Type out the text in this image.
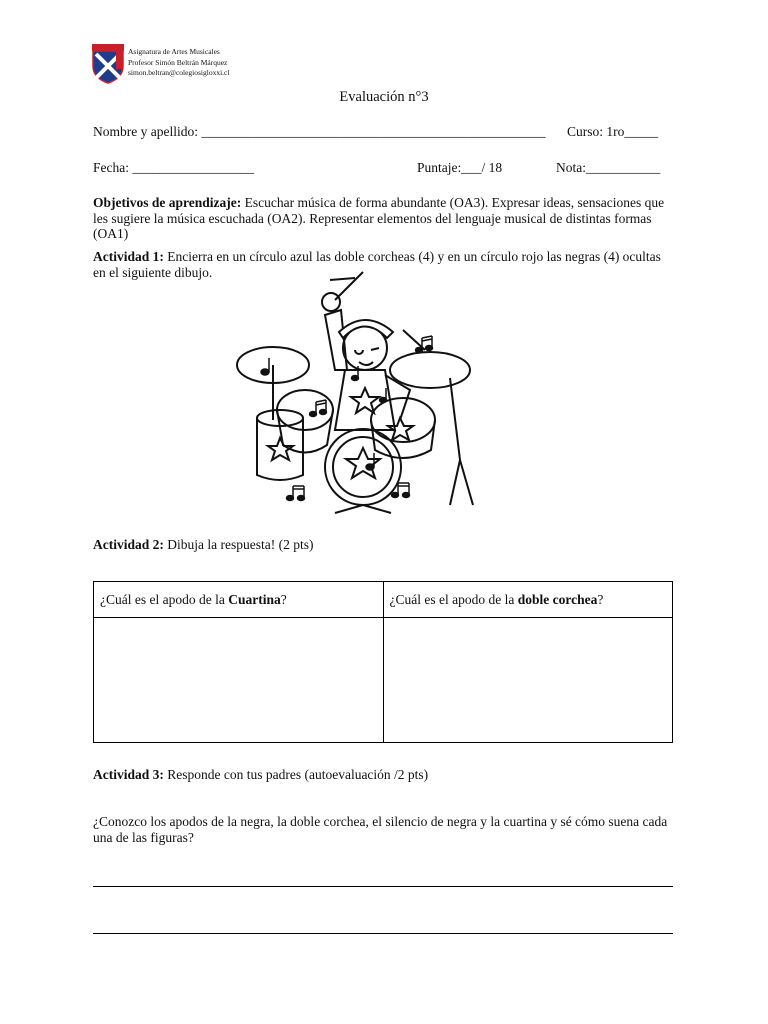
Asignatura de Artes Musicales
Profesor Simón Beltrán Márquez
simon.beltran@colegiosigloxxi.cl
Evaluación n°3
Nombre y apellido: ___________________________________________________ Curso: 1ro_____
Fecha: __________________	Puntaje:___/ 18	Nota:___________
Objetivos de aprendizaje: Escuchar música de forma abundante (OA3). Expresar ideas, sensaciones que les sugiere la música escuchada (OA2). Representar elementos del lenguaje musical de distintas formas (OA1)
Actividad 1: Encierra en un círculo azul las doble corcheas (4) y en un círculo rojo las negras (4) ocultas en el siguiente dibujo.
Actividad 2: Dibuja la respuesta! (2 pts)
¿Cuál es el apodo de la Cuartina?	¿Cuál es el apodo de la doble corchea?

Actividad 3: Responde con tus padres (autoevaluación /2 pts)
¿Conozco los apodos de la negra, la doble corchea, el silencio de negra y la cuartina y sé cómo suena cada una de las figuras?
